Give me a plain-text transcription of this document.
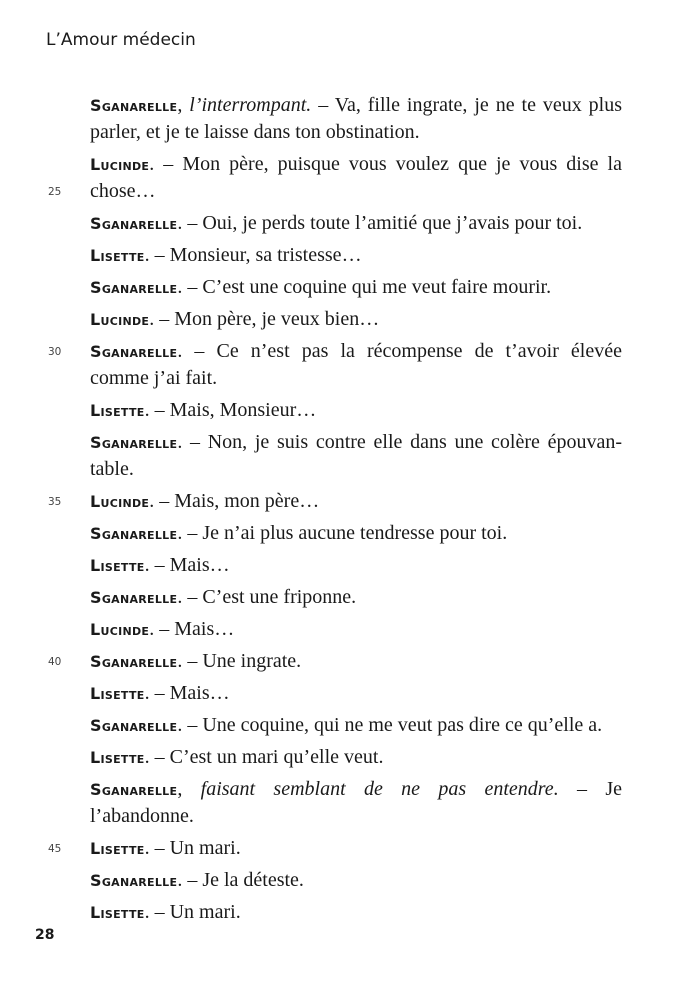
L’Amour médecin

Sganarelle, l’interrompant. – Va, fille ingrate, je ne te veux plus parler, et je te laisse dans ton obstination.

25
Lucinde. – Mon père, puisque vous voulez que je vous dise la chose…

Sganarelle. – Oui, je perds toute l’amitié que j’avais pour toi.

Lisette. – Monsieur, sa tristesse…

Sganarelle. – C’est une coquine qui me veut faire mourir.

Lucinde. – Mon père, je veux bien…

30	Sganarelle. – Ce n’est pas la récompense de t’avoir élevée comme j’ai fait.

Lisette. – Mais, Monsieur…

Sganarelle. – Non, je suis contre elle dans une colère épouvan-table.

35	Lucinde. – Mais, mon père…

Sganarelle. – Je n’ai plus aucune tendresse pour toi.

Lisette. – Mais…

Sganarelle. – C’est une friponne.

Lucinde. – Mais…

40	Sganarelle. – Une ingrate.

Lisette. – Mais…

Sganarelle. – Une coquine, qui ne me veut pas dire ce qu’elle a.

Lisette. – C’est un mari qu’elle veut.

Sganarelle, faisant semblant de ne pas entendre. – Je l’abandonne.

45	Lisette. – Un mari.

Sganarelle. – Je la déteste.

Lisette. – Un mari.

28
